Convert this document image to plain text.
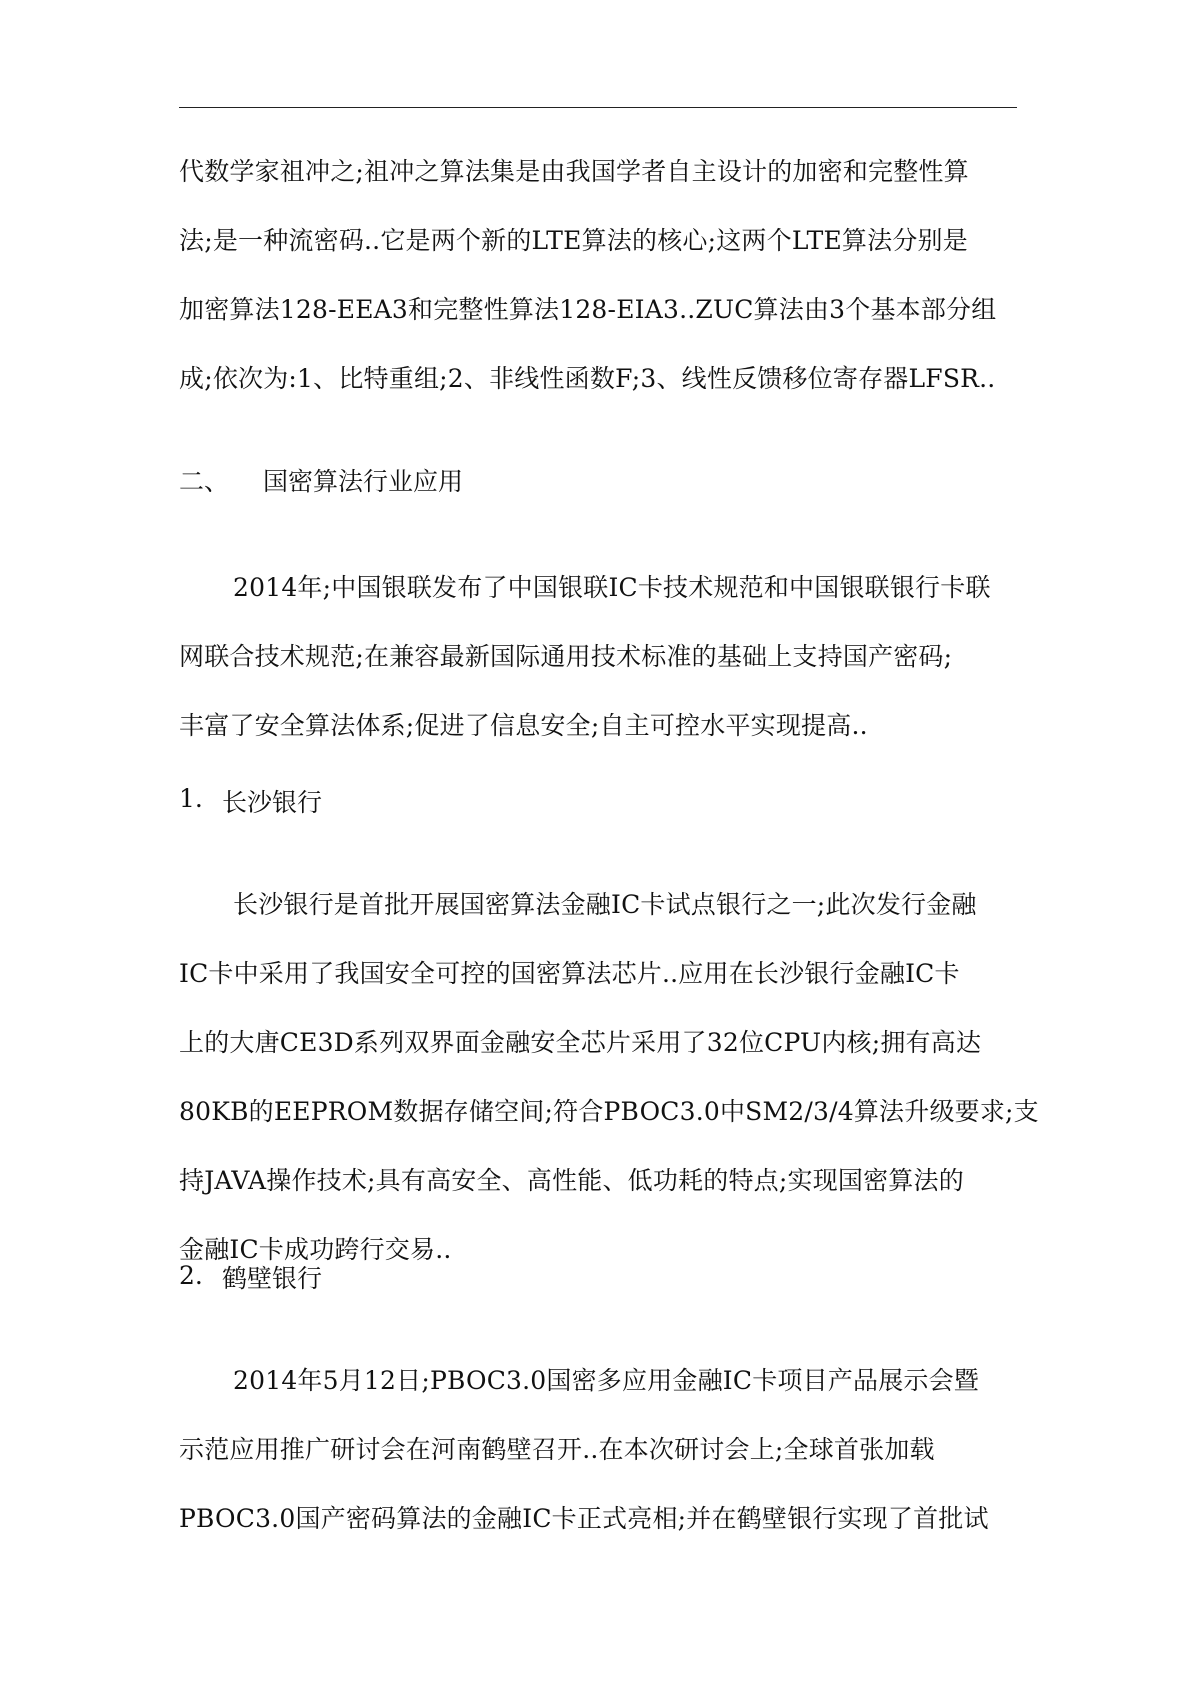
代数学家祖冲之;祖冲之算法集是由我国学者自主设计的加密和完整性算
法;是一种流密码..它是两个新的LTE算法的核心;这两个LTE算法分别是
加密算法128-EEA3和完整性算法128-EIA3..ZUC算法由3个基本部分组
成;依次为:1、比特重组;2、非线性函数F;3、线性反馈移位寄存器LFSR..
二、 国密算法行业应用
2014年;中国银联发布了中国银联IC卡技术规范和中国银联银行卡联
网联合技术规范;在兼容最新国际通用技术标准的基础上支持国产密码;
丰富了安全算法体系;促进了信息安全;自主可控水平实现提高..
1. 长沙银行
长沙银行是首批开展国密算法金融IC卡试点银行之一;此次发行金融
IC卡中采用了我国安全可控的国密算法芯片..应用在长沙银行金融IC卡
上的大唐CE3D系列双界面金融安全芯片采用了32位CPU内核;拥有高达
80KB的EEPROM数据存储空间;符合PBOC3.0中SM2/3/4算法升级要求;支
持JAVA操作技术;具有高安全、高性能、低功耗的特点;实现国密算法的
金融IC卡成功跨行交易..
2. 鹤壁银行
2014年5月12日;PBOC3.0国密多应用金融IC卡项目产品展示会暨
示范应用推广研讨会在河南鹤壁召开..在本次研讨会上;全球首张加载
PBOC3.0国产密码算法的金融IC卡正式亮相;并在鹤壁银行实现了首批试
